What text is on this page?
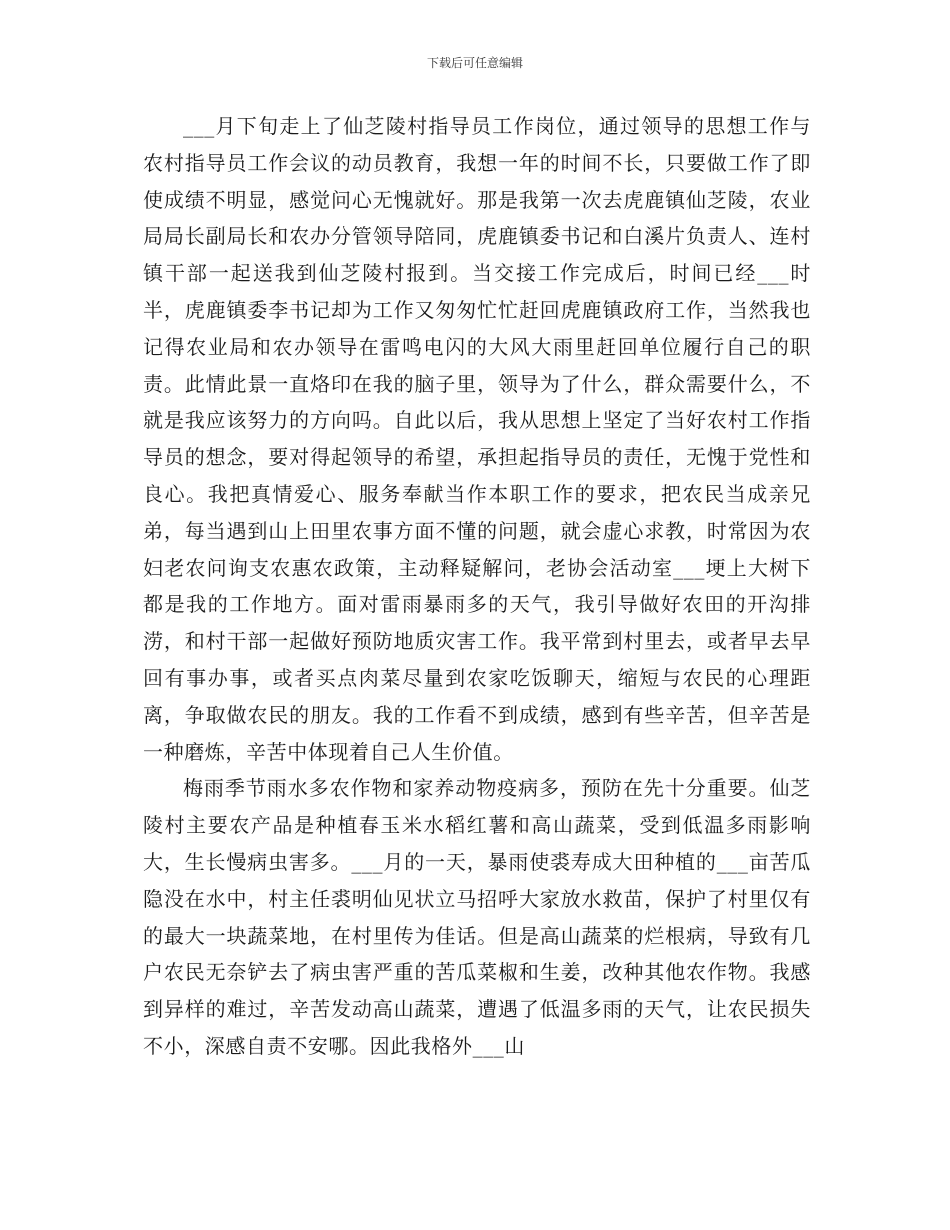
下载后可任意编辑

___月下旬走上了仙芝陵村指导员工作岗位，通过领导的思想工作与农村指导员工作会议的动员教育，我想一年的时间不长，只要做工作了即使成绩不明显，感觉问心无愧就好。那是我第一次去虎鹿镇仙芝陵，农业局局长副局长和农办分管领导陪同，虎鹿镇委书记和白溪片负责人、连村镇干部一起送我到仙芝陵村报到。当交接工作完成后，时间已经___时半，虎鹿镇委李书记却为工作又匆匆忙忙赶回虎鹿镇政府工作，当然我也记得农业局和农办领导在雷鸣电闪的大风大雨里赶回单位履行自己的职责。此情此景一直烙印在我的脑子里，领导为了什么，群众需要什么，不就是我应该努力的方向吗。自此以后，我从思想上坚定了当好农村工作指导员的想念，要对得起领导的希望，承担起指导员的责任，无愧于党性和良心。我把真情爱心、服务奉献当作本职工作的要求，把农民当成亲兄弟，每当遇到山上田里农事方面不懂的问题，就会虚心求教，时常因为农妇老农问询支农惠农政策，主动释疑解问，老协会活动室___埂上大树下都是我的工作地方。面对雷雨暴雨多的天气，我引导做好农田的开沟排涝，和村干部一起做好预防地质灾害工作。我平常到村里去，或者早去早回有事办事，或者买点肉菜尽量到农家吃饭聊天，缩短与农民的心理距离，争取做农民的朋友。我的工作看不到成绩，感到有些辛苦，但辛苦是一种磨炼，辛苦中体现着自己人生价值。

梅雨季节雨水多农作物和家养动物疫病多，预防在先十分重要。仙芝陵村主要农产品是种植春玉米水稻红薯和高山蔬菜，受到低温多雨影响大，生长慢病虫害多。___月的一天，暴雨使裘寿成大田种植的___亩苦瓜隐没在水中，村主任裘明仙见状立马招呼大家放水救苗，保护了村里仅有的最大一块蔬菜地，在村里传为佳话。但是高山蔬菜的烂根病，导致有几户农民无奈铲去了病虫害严重的苦瓜菜椒和生姜，改种其他农作物。我感到异样的难过，辛苦发动高山蔬菜，遭遇了低温多雨的天气，让农民损失不小，深感自责不安哪。因此我格外___山
